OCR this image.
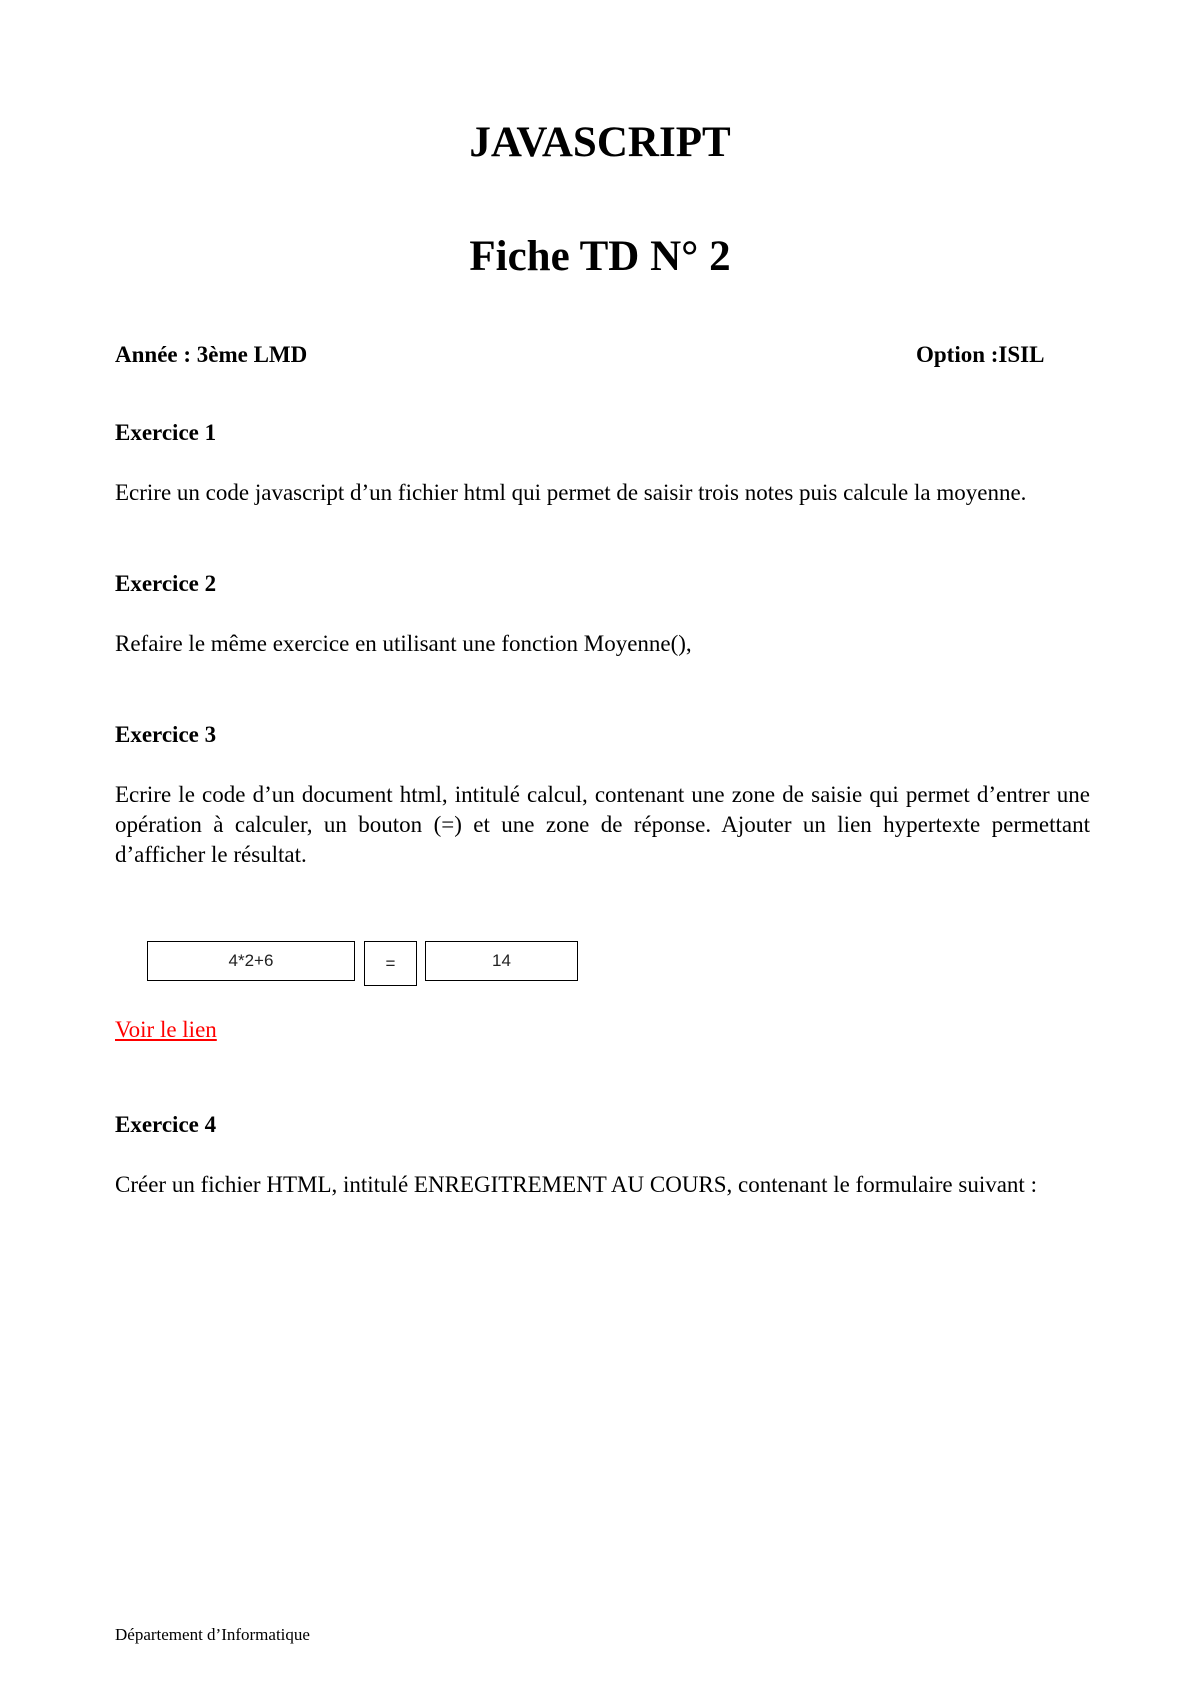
JAVASCRIPT
Fiche TD N° 2
Année : 3ème LMD	Option :ISIL
Exercice 1

Ecrire un code javascript d’un fichier html qui permet de saisir trois notes puis calcule la moyenne.

Exercice 2

Refaire le même exercice en utilisant une fonction Moyenne(),

Exercice 3

Ecrire le code d’un document html, intitulé calcul, contenant une zone de saisie qui permet d’entrer une opération à calculer, un bouton (=) et une zone de réponse. Ajouter un lien hypertexte permettant d’afficher le résultat.

4*2+6	=	14
Voir le lien
Exercice 4

Créer un fichier HTML, intitulé ENREGITREMENT AU COURS, contenant le formulaire suivant :

Département d’Informatique
